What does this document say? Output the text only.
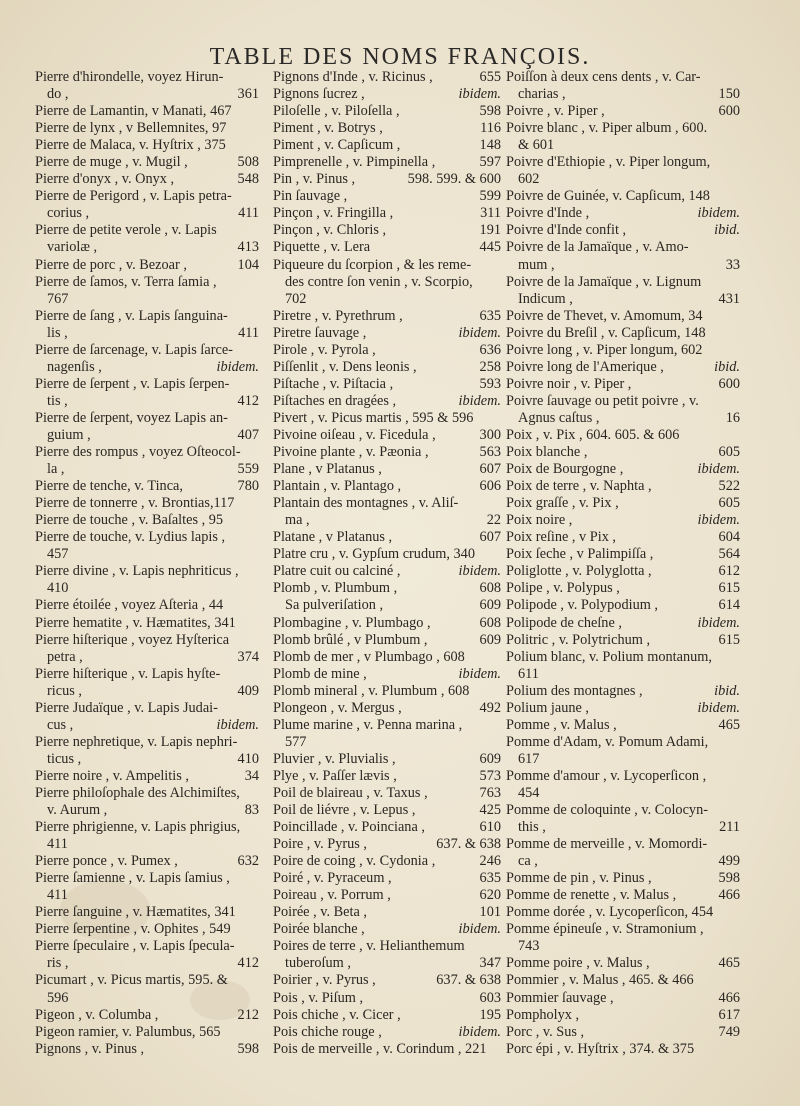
TABLE DES NOMS FRANÇOIS.
Pierre d'hirondelle, voyez Hirun-
do ,	361
Pierre de Lamantin, v Manati, 467
Pierre de lynx , v Bellemnites, 97
Pierre de Malaca, v. Hyſtrix , 375
Pierre de muge , v. Mugil ,	508
Pierre d'onyx , v. Onyx ,	548
Pierre de Perigord , v. Lapis petra-
corius ,	411
Pierre de petite verole , v. Lapis
variolæ ,	413
Pierre de porc , v. Bezoar ,	104
Pierre de ſamos, v. Terra ſamia ,
767
Pierre de ſang , v. Lapis ſanguina-
lis ,	411
Pierre de ſarcenage, v. Lapis ſarce-
nagenſis ,	ibidem.
Pierre de ſerpent , v. Lapis ſerpen-
tis ,	412
Pierre de ſerpent, voyez Lapis an-
guium ,	407
Pierre des rompus , voyez Oſteocol-
la ,	559
Pierre de tenche, v. Tinca,	780
Pierre de tonnerre , v. Brontias,117
Pierre de touche , v. Baſaltes , 95
Pierre de touche, v. Lydius lapis ,
457
Pierre divine , v. Lapis nephriticus ,
410
Pierre étoilée , voyez Aſteria , 44
Pierre hematite , v. Hæmatites, 341
Pierre hiſterique , voyez Hyſterica
petra ,	374
Pierre hiſterique , v. Lapis hyſte-
ricus ,	409
Pierre Judaïque , v. Lapis Judai-
cus ,	ibidem.
Pierre nephretique, v. Lapis nephri-
ticus ,	410
Pierre noire , v. Ampelitis ,	34
Pierre philoſophale des Alchimiſtes,
v. Aurum ,	83
Pierre phrigienne, v. Lapis phrigius,
411
Pierre ponce , v. Pumex ,	632
Pierre ſamienne , v. Lapis ſamius ,
411
Pierre ſanguine , v. Hæmatites, 341
Pierre ſerpentine , v. Ophites , 549
Pierre ſpeculaire , v. Lapis ſpecula-
ris ,	412
Picumart , v. Picus martis, 595. &
596
Pigeon , v. Columba ,	212
Pigeon ramier, v. Palumbus, 565
Pignons , v. Pinus ,	598
Pignons d'Inde , v. Ricinus ,	655
Pignons ſucrez ,	ibidem.
Piloſelle , v. Piloſella ,	598
Piment , v. Botrys ,	116
Piment , v. Capſicum ,	148
Pimprenelle , v. Pimpinella ,	597
Pin , v. Pinus ,	598. 599. & 600
Pin ſauvage ,	599
Pinçon , v. Fringilla ,	311
Pinçon , v. Chloris ,	191
Piquette , v. Lera	445
Piqueure du ſcorpion , & les reme-
des contre ſon venin , v. Scorpio,
702
Piretre , v. Pyrethrum ,	635
Piretre ſauvage ,	ibidem.
Pirole , v. Pyrola ,	636
Piſſenlit , v. Dens leonis ,	258
Piſtache , v. Piſtacia ,	593
Piſtaches en dragées ,	ibidem.
Pivert , v. Picus martis , 595 & 596
Pivoine oiſeau , v. Ficedula ,	300
Pivoine plante , v. Pæonia ,	563
Plane , v Platanus ,	607
Plantain , v. Plantago ,	606
Plantain des montagnes , v. Aliſ-
ma ,	22
Platane , v Platanus ,	607
Platre cru , v. Gypſum crudum, 340
Platre cuit ou calciné ,	ibidem.
Plomb , v. Plumbum ,	608
Sa pulveriſation ,	609
Plombagine , v. Plumbago ,	608
Plomb brûlé , v Plumbum ,	609
Plomb de mer , v Plumbago , 608
Plomb de mine ,	ibidem.
Plomb mineral , v. Plumbum , 608
Plongeon , v. Mergus ,	492
Plume marine , v. Penna marina ,
577
Pluvier , v. Pluvialis ,	609
Plye , v. Paſſer lævis ,	573
Poil de blaireau , v. Taxus ,	763
Poil de liévre , v. Lepus ,	425
Poincillade , v. Poinciana ,	610
Poire , v. Pyrus ,	637. & 638
Poire de coing , v. Cydonia ,	246
Poiré , v. Pyraceum ,	635
Poireau , v. Porrum ,	620
Poirée , v. Beta ,	101
Poirée blanche ,	ibidem.
Poires de terre , v. Helianthemum
tuberoſum ,	347
Poirier , v. Pyrus ,	637. & 638
Pois , v. Piſum ,	603
Pois chiche , v. Cicer ,	195
Pois chiche rouge ,	ibidem.
Pois de merveille , v. Corindum , 221
Poiſſon à deux cens dents , v. Car-
charias ,	150
Poivre , v. Piper ,	600
Poivre blanc , v. Piper album , 600.
& 601
Poivre d'Ethiopie , v. Piper longum,
602
Poivre de Guinée, v. Capſicum, 148
Poivre d'Inde ,	ibidem.
Poivre d'Inde confit ,	ibid.
Poivre de la Jamaïque , v. Amo-
mum ,	33
Poivre de la Jamaïque , v. Lignum
Indicum ,	431
Poivre de Thevet, v. Amomum, 34
Poivre du Breſil , v. Capſicum, 148
Poivre long , v. Piper longum, 602
Poivre long de l'Amerique ,	ibid.
Poivre noir , v. Piper ,	600
Poivre ſauvage ou petit poivre , v.
Agnus caſtus ,	16
Poix , v. Pix , 604. 605. & 606
Poix blanche ,	605
Poix de Bourgogne ,	ibidem.
Poix de terre , v. Naphta ,	522
Poix graſſe , v. Pix ,	605
Poix noire ,	ibidem.
Poix reſine , v Pix ,	604
Poix ſeche , v Palimpiſſa ,	564
Poliglotte , v. Polyglotta ,	612
Polipe , v. Polypus ,	615
Polipode , v. Polypodium ,	614
Polipode de cheſne ,	ibidem.
Politric , v. Polytrichum ,	615
Polium blanc, v. Polium montanum,
611
Polium des montagnes ,	ibid.
Polium jaune ,	ibidem.
Pomme , v. Malus ,	465
Pomme d'Adam, v. Pomum Adami,
617
Pomme d'amour , v. Lycoperſicon ,
454
Pomme de coloquinte , v. Colocyn-
this ,	211
Pomme de merveille , v. Momordi-
ca ,	499
Pomme de pin , v. Pinus ,	598
Pomme de renette , v. Malus ,	466
Pomme dorée , v. Lycoperſicon, 454
Pomme épineuſe , v. Stramonium ,
743
Pomme poire , v. Malus ,	465
Pommier , v. Malus , 465. & 466
Pommier ſauvage ,	466
Pompholyx ,	617
Porc , v. Sus ,	749
Porc épi , v. Hyſtrix , 374. & 375
